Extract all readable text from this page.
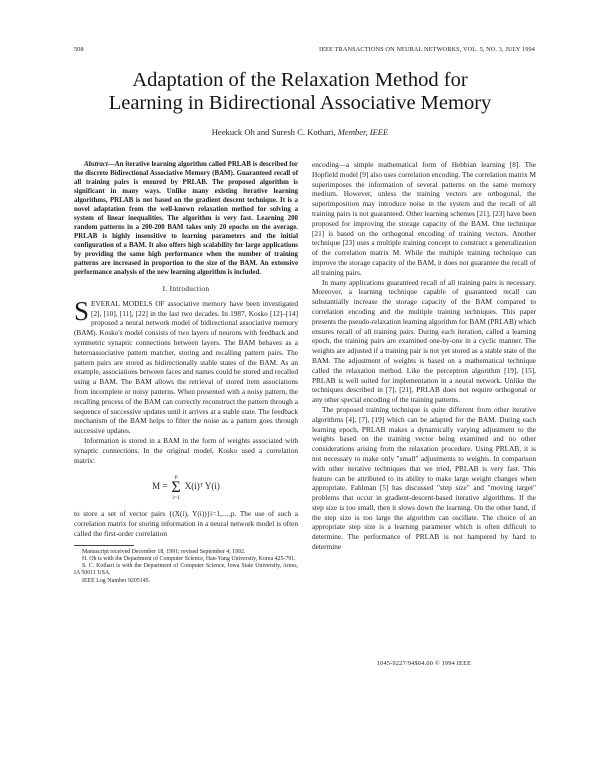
508	IEEE TRANSACTIONS ON NEURAL NETWORKS, VOL. 5, NO. 3, JULY 1994
Adaptation of the Relaxation Method for
Learning in Bidirectional Associative Memory
Heekuck Oh and Suresh C. Kothari, Member, IEEE

Abstract—An iterative learning algorithm called PRLAB is described for the discrete Bidirectional Associative Memory (BAM). Guaranteed recall of all training pairs is ensured by PRLAB. The proposed algorithm is significant in many ways. Unlike many existing iterative learning algorithms, PRLAB is not based on the gradient descent technique. It is a novel adaptation from the well-known relaxation method for solving a system of linear inequalities. The algorithm is very fast. Learning 200 random patterns in a 200-200 BAM takes only 20 epochs on the average. PRLAB is highly insensitive to learning parameters and the initial configuration of a BAM. It also offers high scalability for large applications by providing the same high performance when the number of training patterns are increased in proportion to the size of the BAM. An extensive performance analysis of the new learning algorithm is included.

I. Introduction

SEVERAL MODELS OF associative memory have been investigated [2], [10], [11], [22] in the last two decades. In 1987, Kosko [12]–[14] proposed a neural network model of bidirectional associative memory (BAM). Kosko's model consists of two layers of neurons with feedback and symmetric synaptic connections between layers. The BAM behaves as a heteroassociative pattern matcher, storing and recalling pattern pairs. The pattern pairs are stored as bidirectionally stable states of the BAM. As an example, associations between faces and names could be stored and recalled using a BAM. The BAM allows the retrieval of stored item associations from incomplete or noisy patterns. When presented with a noisy pattern, the recalling process of the BAM can correctly reconstruct the pattern through a sequence of successive updates until it arrives at a stable state. The feedback mechanism of the BAM helps to filter the noise as a pattern goes through successive updates.

Information is stored in a BAM in the form of weights associated with synaptic connections. In the original model, Kosko used a correlation matrix:

M =
p
Σ
i=1
X(i)ᵀ Y(i)

to store a set of vector pairs {(X(i), Y(i))}i=1,…,p. The use of such a correlation matrix for storing information in a neural network model is often called the first-order correlation

Manuscript received December 18, 1991; revised September 4, 1992.

H. Oh is with the Department of Computer Science, Han-Yang University, Korea 425-791.

S. C. Kothari is with the Department of Computer Science, Iowa State University, Ames, IA 50011 USA.

IEEE Log Number 9205145.

encoding—a simple mathematical form of Hebbian learning [8]. The Hopfield model [9] also uses correlation encoding. The correlation matrix M superimposes the information of several patterns on the same memory medium. However, unless the training vectors are orthogonal, the superimposition may introduce noise in the system and the recall of all training pairs is not guaranteed. Other learning schemes [21], [23] have been proposed for improving the storage capacity of the BAM. One technique [21] is based on the orthogonal encoding of training vectors. Another technique [23] uses a multiple training concept to construct a generalization of the correlation matrix M. While the multiple training technique can improve the storage capacity of the BAM, it does not guarantee the recall of all training pairs.

In many applications guaranteed recall of all training pairs is necessary. Moreover, a learning technique capable of guaranteed recall can substantially increase the storage capacity of the BAM compared to correlation encoding and the multiple training techniques. This paper presents the pseudo-relaxation learning algorithm for BAM (PRLAB) which ensures recall of all training pairs. During each iteration, called a learning epoch, the training pairs are examined one-by-one in a cyclic manner. The weights are adjusted if a training pair is not yet stored as a stable state of the BAM. The adjustment of weights is based on a mathematical technique called the relaxation method. Like the perceptron algorithm [19], [15], PRLAB is well suited for implementation in a neural network. Unlike the techniques described in [7], [21], PRLAB does not require orthogonal or any other special encoding of the training patterns.

The proposed training technique is quite different from other iterative algorithms [4], [7], [19] which can be adapted for the BAM. During each learning epoch, PRLAB makes a dynamically varying adjustment to the weights based on the training vector being examined and no other considerations arising from the relaxation procedure. Using PRLAB, it is not necessary to make only "small" adjustments to weights. In comparison with other iterative techniques that we tried, PRLAB is very fast. This feature can be attributed to its ability to make large weight changes when appropriate. Fahlman [5] has discussed "step size" and "moving target" problems that occur in gradient-descent-based iterative algorithms. If the step size is too small, then it slows down the learning. On the other hand, if the step size is too large the algorithm can oscillate. The choice of an appropriate step size is a learning parameter which is often difficult to determine. The performance of PRLAB is not hampered by hard to determine

1045-9227/94$04.00 © 1994 IEEE
